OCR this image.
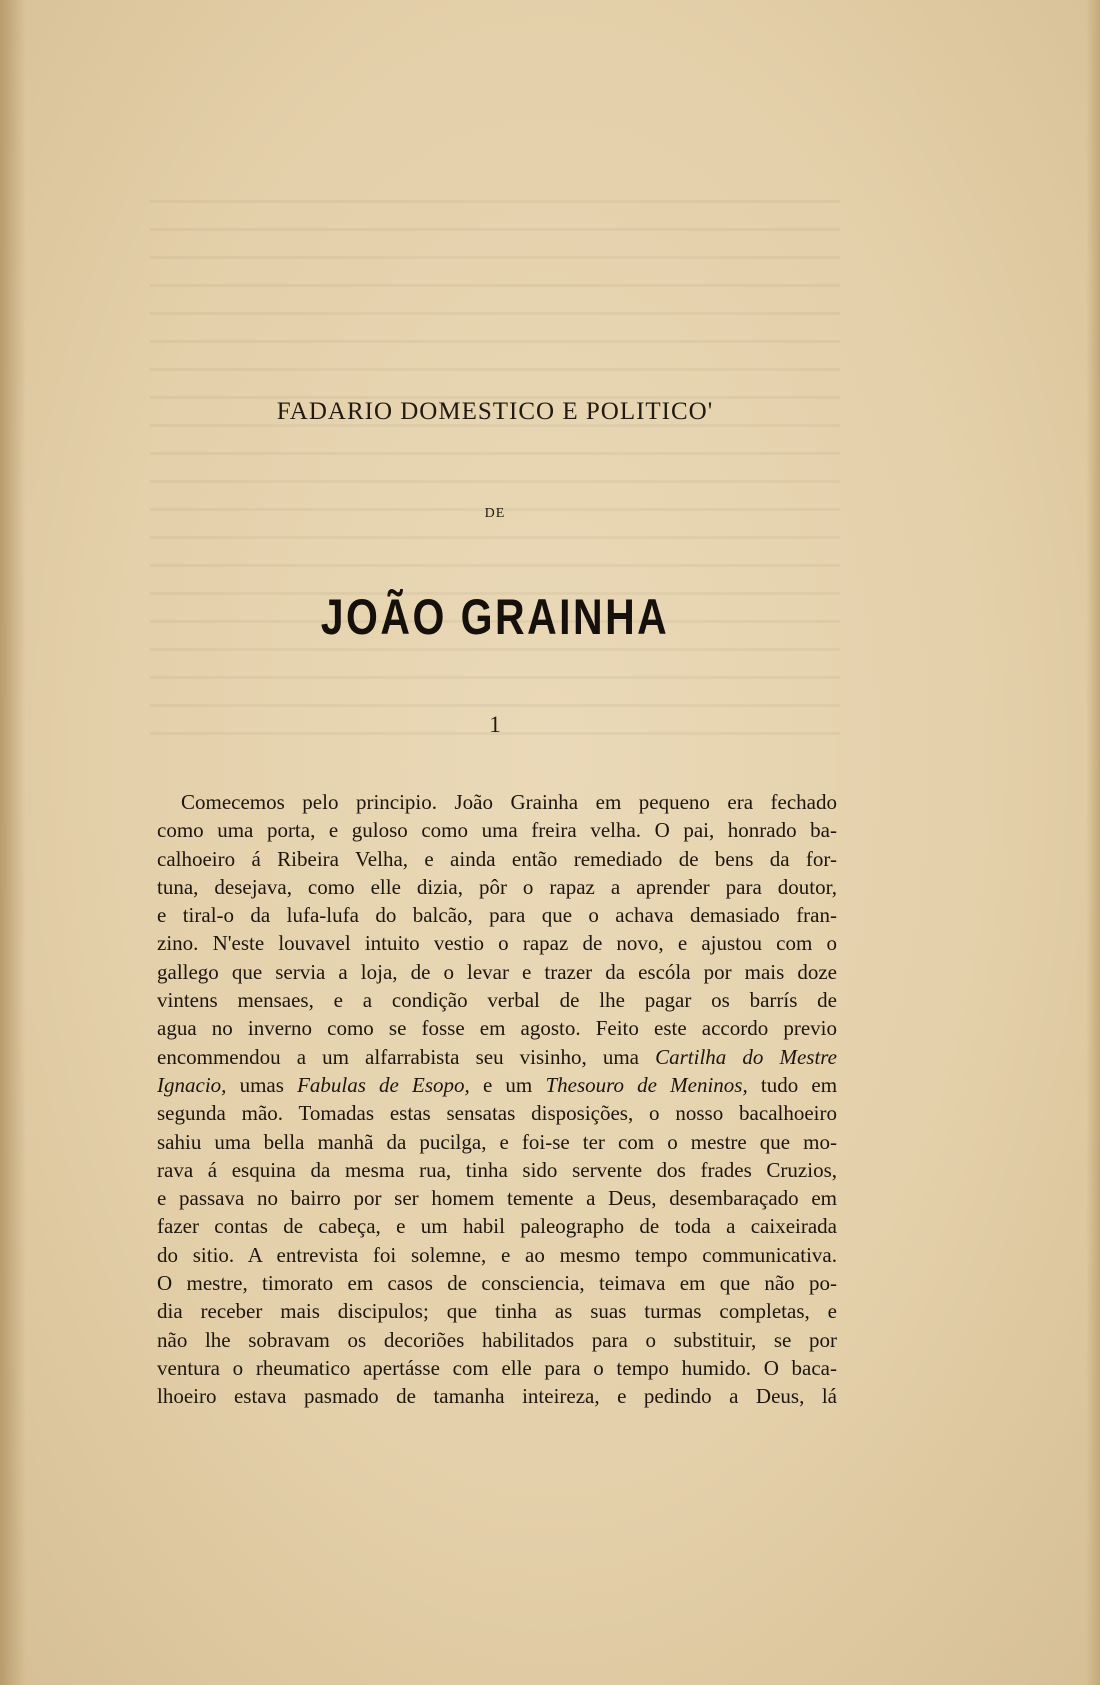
FADARIO DOMESTICO E POLITICO'
DE
JOÃO GRAINHA
1
Comecemos pelo principio. João Grainha em pequeno era fechado
como uma porta, e guloso como uma freira velha. O pai, honrado ba-
calhoeiro á Ribeira Velha, e ainda então remediado de bens da for-
tuna, desejava, como elle dizia, pôr o rapaz a aprender para doutor,
e tiral-o da lufa-lufa do balcão, para que o achava demasiado fran-
zino. N'este louvavel intuito vestio o rapaz de novo, e ajustou com o
gallego que servia a loja, de o levar e trazer da escóla por mais doze
vintens mensaes, e a condição verbal de lhe pagar os barrís de
agua no inverno como se fosse em agosto. Feito este accordo previo
encommendou a um alfarrabista seu visinho, uma Cartilha do Mestre
Ignacio, umas Fabulas de Esopo, e um Thesouro de Meninos, tudo em
segunda mão. Tomadas estas sensatas disposições, o nosso bacalhoeiro
sahiu uma bella manhã da pucilga, e foi-se ter com o mestre que mo-
rava á esquina da mesma rua, tinha sido servente dos frades Cruzios,
e passava no bairro por ser homem temente a Deus, desembaraçado em
fazer contas de cabeça, e um habil paleographo de toda a caixeirada
do sitio. A entrevista foi solemne, e ao mesmo tempo communicativa.
O mestre, timorato em casos de consciencia, teimava em que não po-
dia receber mais discipulos; que tinha as suas turmas completas, e
não lhe sobravam os decoriões habilitados para o substituir, se por
ventura o rheumatico apertásse com elle para o tempo humido. O baca-
lhoeiro estava pasmado de tamanha inteireza, e pedindo a Deus, lá
